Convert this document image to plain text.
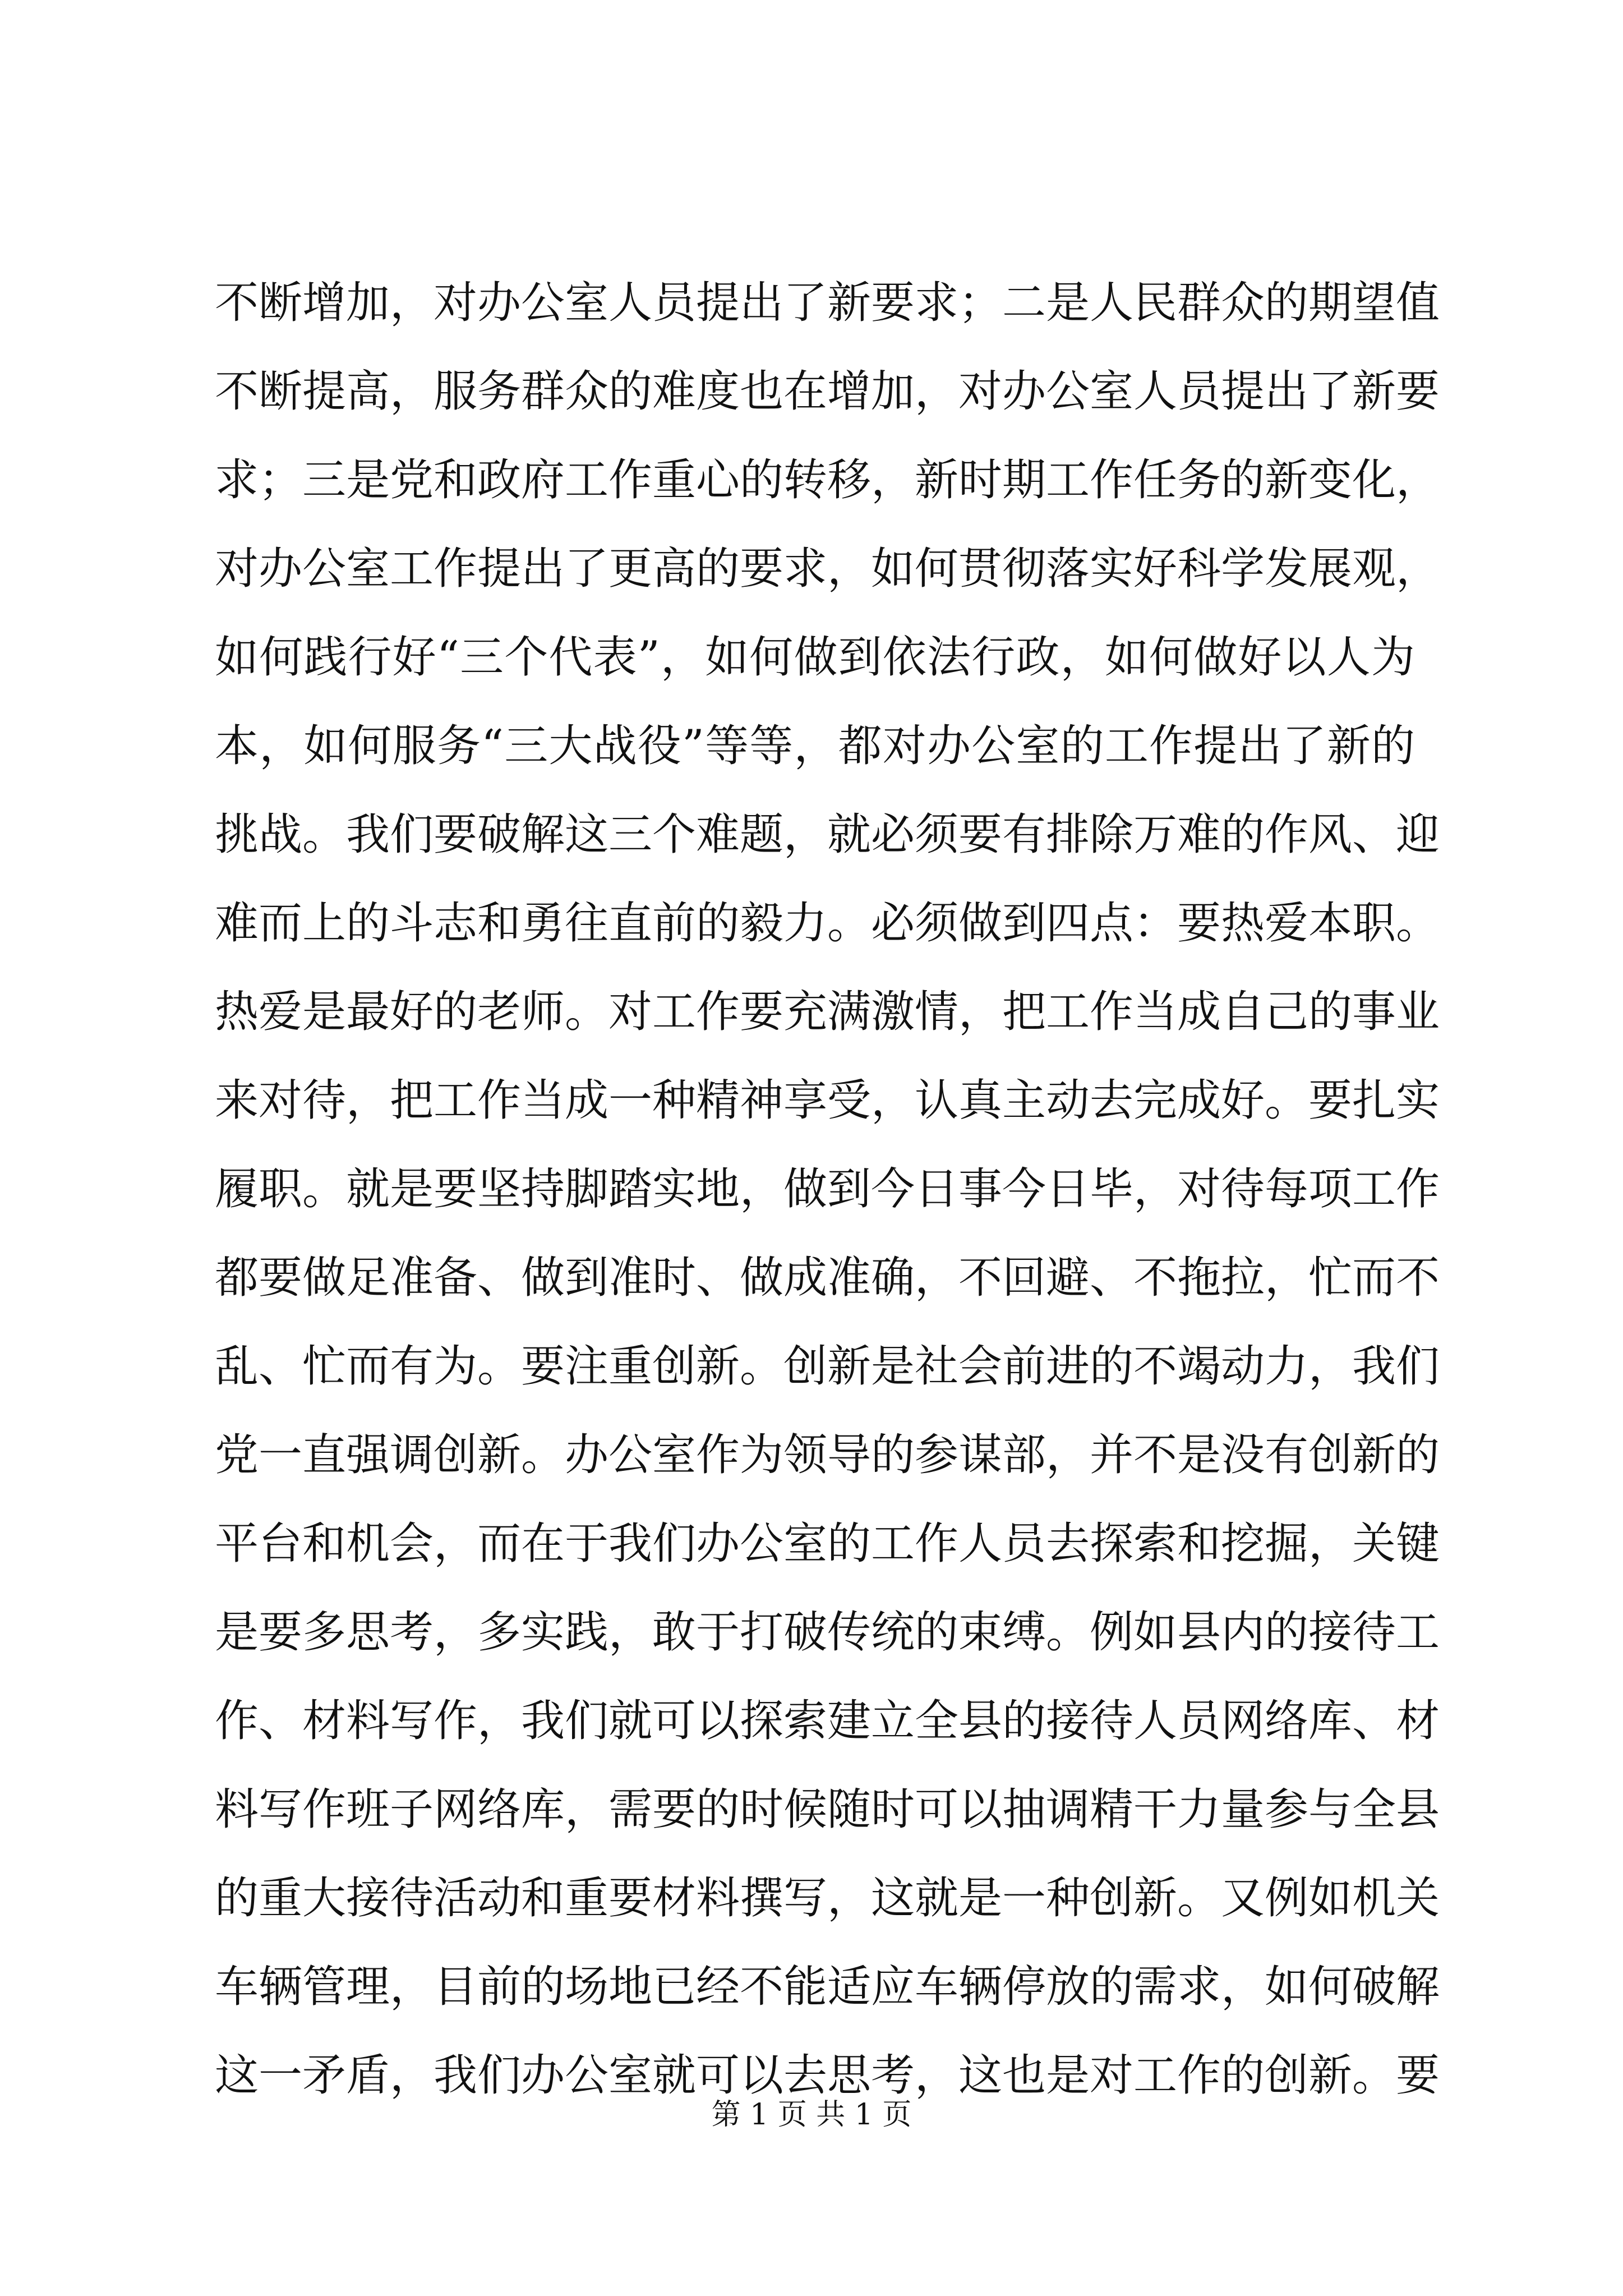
不断增加，对办公室人员提出了新要求；二是人民群众的期望值
不断提高，服务群众的难度也在增加，对办公室人员提出了新要
求；三是党和政府工作重心的转移，新时期工作任务的新变化，
对办公室工作提出了更高的要求，如何贯彻落实好科学发展观，
如何践行好“三个代表”，如何做到依法行政，如何做好以人为
本，如何服务“三大战役”等等，都对办公室的工作提出了新的
挑战。我们要破解这三个难题，就必须要有排除万难的作风、迎
难而上的斗志和勇往直前的毅力。必须做到四点：要热爱本职。
热爱是最好的老师。对工作要充满激情，把工作当成自己的事业
来对待，把工作当成一种精神享受，认真主动去完成好。要扎实
履职。就是要坚持脚踏实地，做到今日事今日毕，对待每项工作
都要做足准备、做到准时、做成准确，不回避、不拖拉，忙而不
乱、忙而有为。要注重创新。创新是社会前进的不竭动力，我们
党一直强调创新。办公室作为领导的参谋部，并不是没有创新的
平台和机会，而在于我们办公室的工作人员去探索和挖掘，关键
是要多思考，多实践，敢于打破传统的束缚。例如县内的接待工
作、材料写作，我们就可以探索建立全县的接待人员网络库、材
料写作班子网络库，需要的时候随时可以抽调精干力量参与全县
的重大接待活动和重要材料撰写，这就是一种创新。又例如机关
车辆管理，目前的场地已经不能适应车辆停放的需求，如何破解
这一矛盾，我们办公室就可以去思考，这也是对工作的创新。要
第 1 页 共 1 页
